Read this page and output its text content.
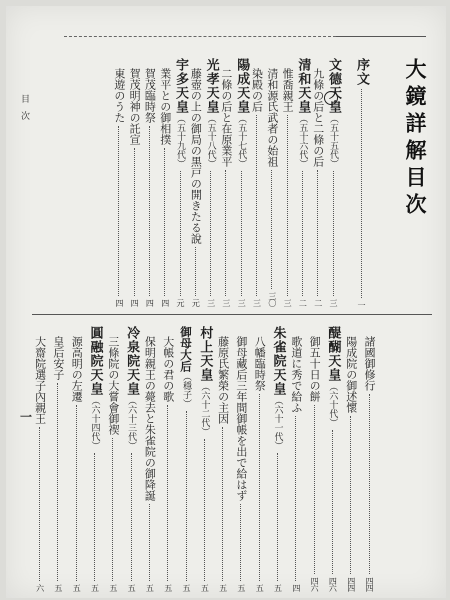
大鏡詳解目次
目次
一
序文
一
文德天皇
（五十五代）
三
九條の后と二條の后
二
清和天皇
（五十六代）
二
惟喬親王
三
清和源氏武者の始祖
三〇
染殿の后
三
陽成天皇
（五十七代）
三
二條の后と在原業平
三
光孝天皇
（五十八代）
三
藤壺の上の御局の黒戸の開きたる說
元
宇多天皇
（五十九代）
元
業平との御相撲
四
賀茂臨時祭
四
賀茂明神の託宣
四
東遊のうた
四
諸國御修行
四四
陽成院の御述懷
四四
醍醐天皇
（六十代）
四六
御五十日の餅
四六
歌道に秀で給ふ
四
朱雀院天皇
（六十一代）
五
八幡臨時祭
五
御母藏后三年間御帳を出で給はず
五
藤原氏繁榮の主因
五
村上天皇
（六十二代）
五
御母大后
（穩子）
五
大帳の君の歌
五
保明親王の薨去と朱雀院の御降誕
五
冷泉院天皇
（六十三代）
五
三條院の大嘗會御禊
五
圓融院天皇
（六十四代）
五
源高明の左遷
五
皇后安子
五
大齋院選子內親王
六
